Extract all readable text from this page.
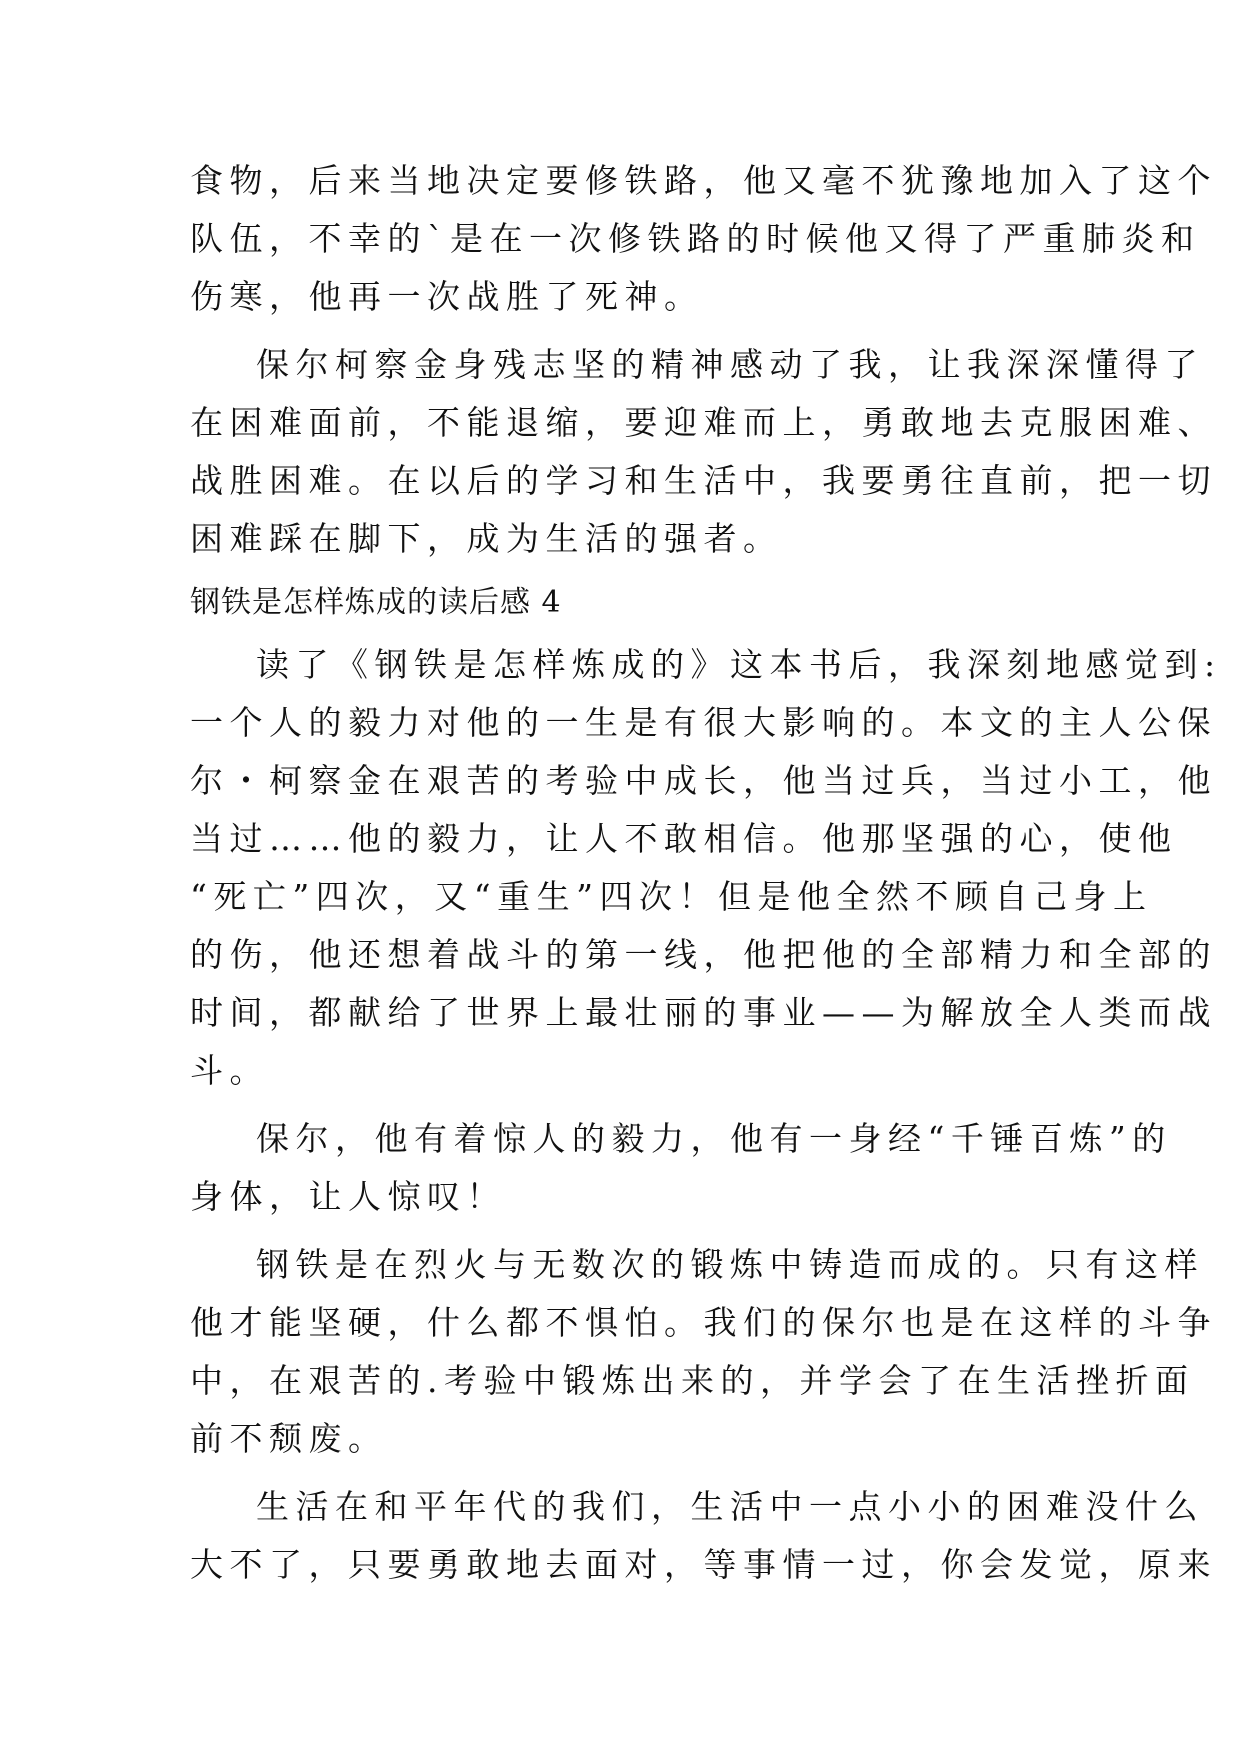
食物，后来当地决定要修铁路，他又毫不犹豫地加入了这个
队伍，不幸的`是在一次修铁路的时候他又得了严重肺炎和
伤寒，他再一次战胜了死神。
保尔柯察金身残志坚的精神感动了我，让我深深懂得了
在困难面前，不能退缩，要迎难而上，勇敢地去克服困难、
战胜困难。在以后的学习和生活中，我要勇往直前，把一切
困难踩在脚下，成为生活的强者。
钢铁是怎样炼成的读后感 4
读了《钢铁是怎样炼成的》这本书后，我深刻地感觉到:
一个人的毅力对他的一生是有很大影响的。本文的主人公保
尔・柯察金在艰苦的考验中成长，他当过兵，当过小工，他
当过……他的毅力，让人不敢相信。他那坚强的心，使他
“死亡”四次，又“重生”四次！但是他全然不顾自己身上
的伤，他还想着战斗的第一线，他把他的全部精力和全部的
时间，都献给了世界上最壮丽的事业——为解放全人类而战
斗。
保尔，他有着惊人的毅力，他有一身经“千锤百炼”的
身体，让人惊叹！
钢铁是在烈火与无数次的锻炼中铸造而成的。只有这样
他才能坚硬，什么都不惧怕。我们的保尔也是在这样的斗争
中，在艰苦的.考验中锻炼出来的，并学会了在生活挫折面
前不颓废。
生活在和平年代的我们，生活中一点小小的困难没什么
大不了，只要勇敢地去面对，等事情一过，你会发觉，原来
